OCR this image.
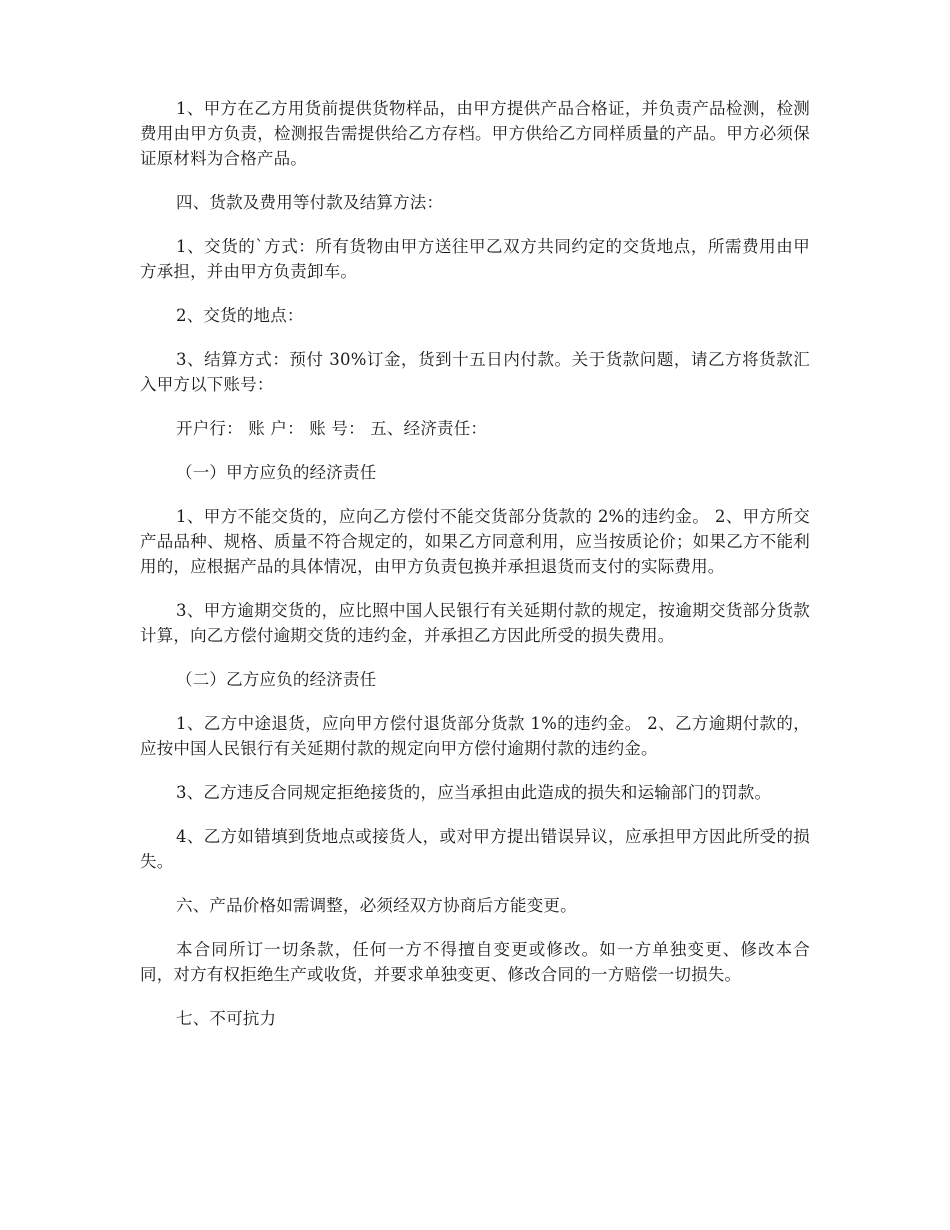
1、甲方在乙方用货前提供货物样品，由甲方提供产品合格证，并负责产品检测，检测费用由甲方负责，检测报告需提供给乙方存档。甲方供给乙方同样质量的产品。甲方必须保证原材料为合格产品。

四、货款及费用等付款及结算方法：

1、交货的`方式：所有货物由甲方送往甲乙双方共同约定的交货地点，所需费用由甲方承担，并由甲方负责卸车。

2、交货的地点：

3、结算方式：预付 30%订金，货到十五日内付款。关于货款问题，请乙方将货款汇入甲方以下账号：

开户行： 账 户： 账 号： 五、经济责任：

（一）甲方应负的经济责任

1、甲方不能交货的，应向乙方偿付不能交货部分货款的 2%的违约金。 2、甲方所交产品品种、规格、质量不符合规定的，如果乙方同意利用，应当按质论价；如果乙方不能利用的，应根据产品的具体情况，由甲方负责包换并承担退货而支付的实际费用。

3、甲方逾期交货的，应比照中国人民银行有关延期付款的规定，按逾期交货部分货款计算，向乙方偿付逾期交货的违约金，并承担乙方因此所受的损失费用。

（二）乙方应负的经济责任

1、乙方中途退货，应向甲方偿付退货部分货款 1%的违约金。 2、乙方逾期付款的，应按中国人民银行有关延期付款的规定向甲方偿付逾期付款的违约金。

3、乙方违反合同规定拒绝接货的，应当承担由此造成的损失和运输部门的罚款。

4、乙方如错填到货地点或接货人，或对甲方提出错误异议，应承担甲方因此所受的损失。

六、产品价格如需调整，必须经双方协商后方能变更。

本合同所订一切条款，任何一方不得擅自变更或修改。如一方单独变更、修改本合同，对方有权拒绝生产或收货，并要求单独变更、修改合同的一方赔偿一切损失。

七、不可抗力
